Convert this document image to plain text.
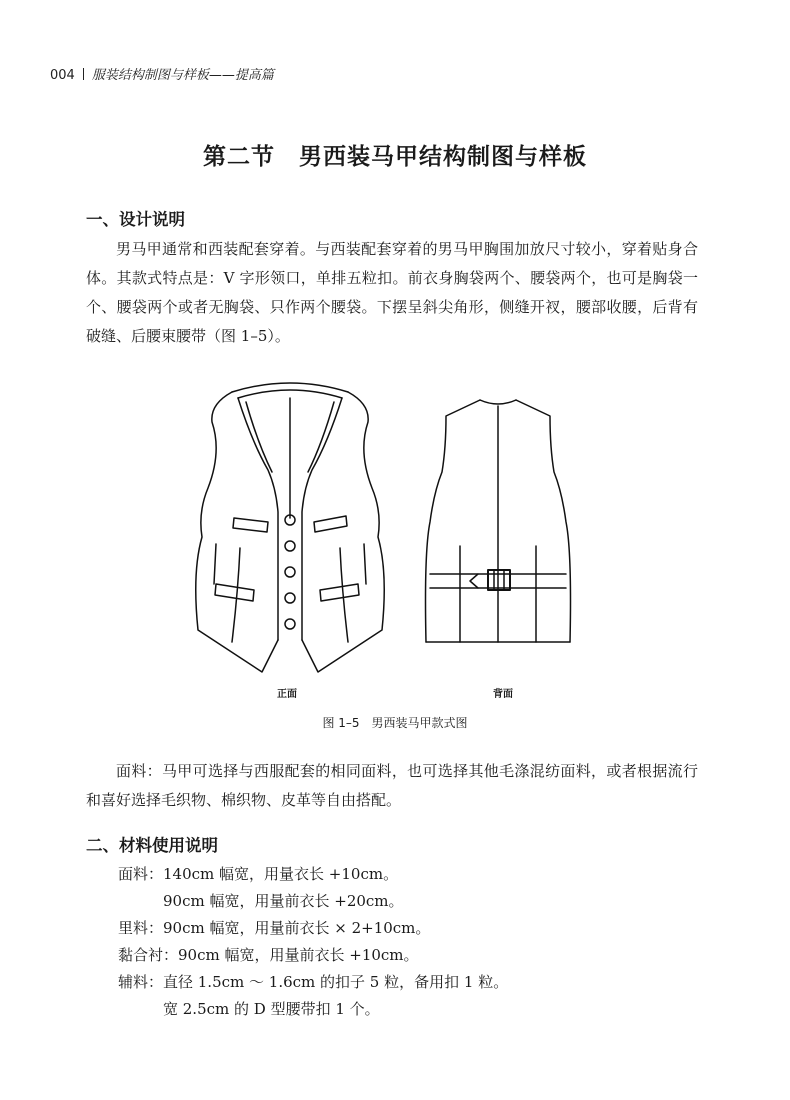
004 服装结构制图与样板——提高篇
第二节　男西装马甲结构制图与样板
一、设计说明

男马甲通常和西装配套穿着。与西装配套穿着的男马甲胸围加放尺寸较小，穿着贴身合体。其款式特点是：V 字形领口，单排五粒扣。前衣身胸袋两个、腰袋两个，也可是胸袋一个、腰袋两个或者无胸袋、只作两个腰袋。下摆呈斜尖角形，侧缝开衩，腰部收腰，后背有破缝、后腰束腰带（图 1–5）。

正面	背面
图 1–5　男西装马甲款式图

面料：马甲可选择与西服配套的相同面料，也可选择其他毛涤混纺面料，或者根据流行和喜好选择毛织物、棉织物、皮革等自由搭配。

二、材料使用说明
面料：140cm 幅宽，用量衣长 +10cm。
90cm 幅宽，用量前衣长 +20cm。
里料：90cm 幅宽，用量前衣长 × 2+10cm。
黏合衬：90cm 幅宽，用量前衣长 +10cm。
辅料：直径 1.5cm ～ 1.6cm 的扣子 5 粒，备用扣 1 粒。
宽 2.5cm 的 D 型腰带扣 1 个。
